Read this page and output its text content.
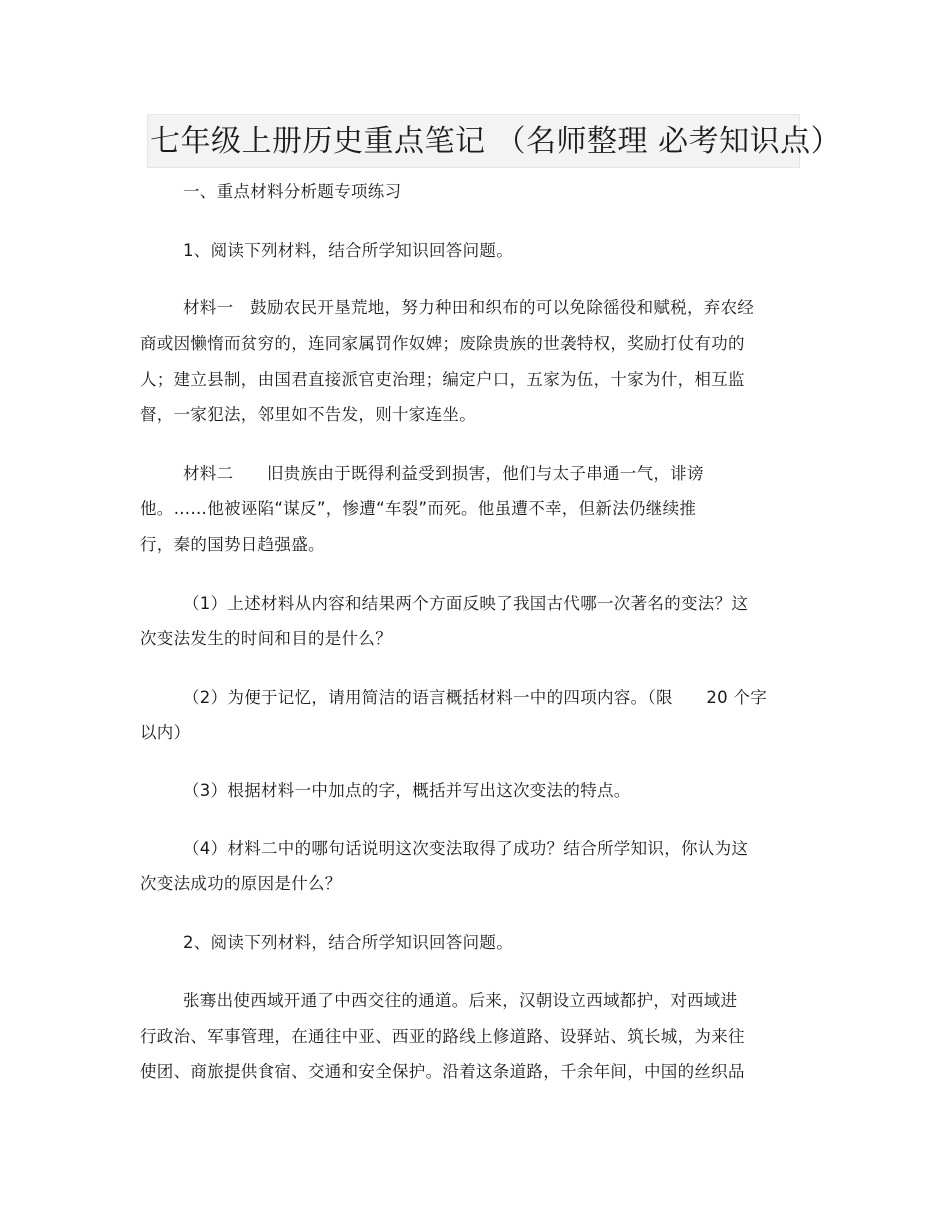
七年级上册历史重点笔记 （名师整理 必考知识点）
一、重点材料分析题专项练习
1、阅读下列材料，结合所学知识回答问题。
材料一　鼓励农民开垦荒地，努力种田和织布的可以免除徭役和赋税，弃农经
商或因懒惰而贫穷的，连同家属罚作奴婢；废除贵族的世袭特权，奖励打仗有功的
人；建立县制，由国君直接派官吏治理；编定户口，五家为伍，十家为什，相互监
督，一家犯法，邻里如不告发，则十家连坐。
材料二　　旧贵族由于既得利益受到损害，他们与太子串通一气，诽谤
他。……他被诬陷“谋反”，惨遭“车裂”而死。他虽遭不幸，但新法仍继续推
行，秦的国势日趋强盛。
（1）上述材料从内容和结果两个方面反映了我国古代哪一次著名的变法？这
次变法发生的时间和目的是什么？
（2）为便于记忆，请用简洁的语言概括材料一中的四项内容。（限　　20 个字
以内）
（3）根据材料一中加点的字，概括并写出这次变法的特点。
（4）材料二中的哪句话说明这次变法取得了成功？结合所学知识，你认为这
次变法成功的原因是什么？
2、阅读下列材料，结合所学知识回答问题。
张骞出使西域开通了中西交往的通道。后来，汉朝设立西域都护，对西域进
行政治、军事管理，在通往中亚、西亚的路线上修道路、设驿站、筑长城，为来往
使团、商旅提供食宿、交通和安全保护。沿着这条道路，千余年间，中国的丝织品
